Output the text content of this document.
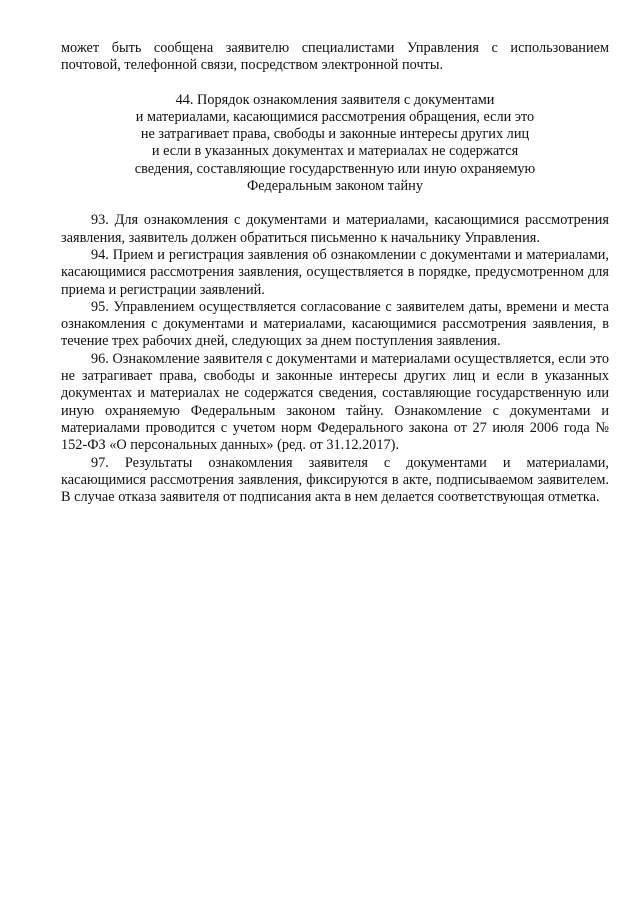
может быть сообщена заявителю специалистами Управления с использованием почтовой, телефонной связи, посредством электронной почты.

44. Порядок ознакомления заявителя с документами
и материалами, касающимися рассмотрения обращения, если это
не затрагивает права, свободы и законные интересы других лиц
и если в указанных документах и материалах не содержатся
сведения, составляющие государственную или иную охраняемую
Федеральным законом тайну

93. Для ознакомления с документами и материалами, касающимися рассмотрения заявления, заявитель должен обратиться письменно к начальнику Управления.

94. Прием и регистрация заявления об ознакомлении с документами и материалами, касающимися рассмотрения заявления, осуществляется в порядке, предусмотренном для приема и регистрации заявлений.

95. Управлением осуществляется согласование с заявителем даты, времени и места ознакомления с документами и материалами, касающимися рассмотрения заявления, в течение трех рабочих дней, следующих за днем поступления заявления.

96. Ознакомление заявителя с документами и материалами осуществляется, если это не затрагивает права, свободы и законные интересы других лиц и если в указанных документах и материалах не содержатся сведения, составляющие государственную или иную охраняемую Федеральным законом тайну. Ознакомление с документами и материалами проводится с учетом норм Федерального закона от 27 июля 2006 года № 152-ФЗ «О персональных данных» (ред. от 31.12.2017).

97. Результаты ознакомления заявителя с документами и материалами, касающимися рассмотрения заявления, фиксируются в акте, подписываемом заявителем. В случае отказа заявителя от подписания акта в нем делается соответствующая отметка.
